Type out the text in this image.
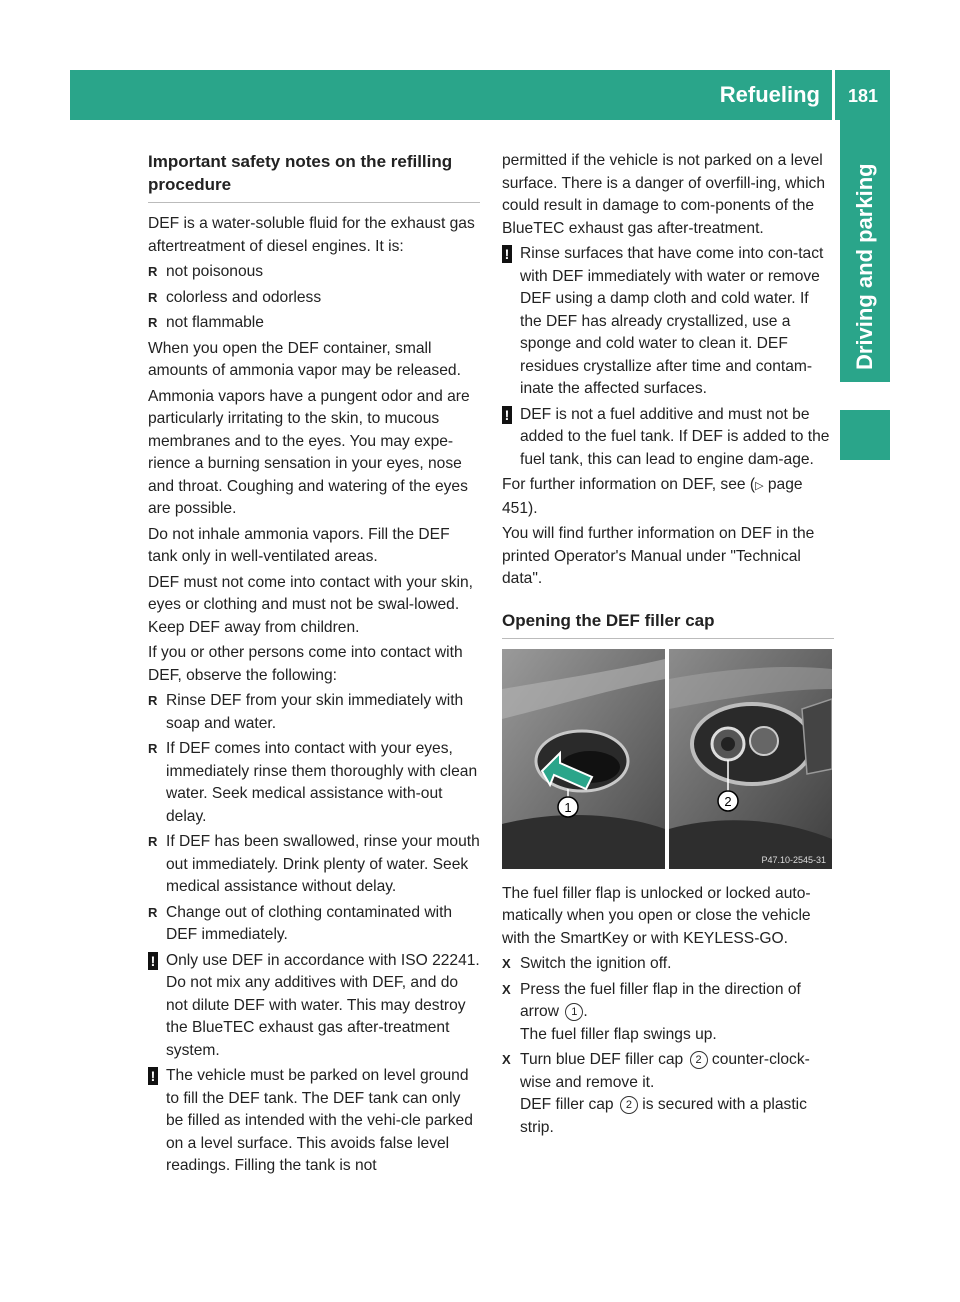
Refueling 181
Driving and parking
Important safety notes on the refilling procedure

DEF is a water-soluble fluid for the exhaust gas aftertreatment of diesel engines. It is:

R not poisonous
R colorless and odorless
R not flammable

When you open the DEF container, small amounts of ammonia vapor may be released.

Ammonia vapors have a pungent odor and are particularly irritating to the skin, to mucous membranes and to the eyes. You may expe-rience a burning sensation in your eyes, nose and throat. Coughing and watering of the eyes are possible.

Do not inhale ammonia vapors. Fill the DEF tank only in well-ventilated areas.

DEF must not come into contact with your skin, eyes or clothing and must not be swal-lowed. Keep DEF away from children.

If you or other persons come into contact with DEF, observe the following:

R Rinse DEF from your skin immediately with soap and water.
R If DEF comes into contact with your eyes, immediately rinse them thoroughly with clean water. Seek medical assistance with-out delay.
R If DEF has been swallowed, rinse your mouth out immediately. Drink plenty of water. Seek medical assistance without delay.
R Change out of clothing contaminated with DEF immediately.
! Only use DEF in accordance with ISO 22241. Do not mix any additives with DEF, and do not dilute DEF with water. This may destroy the BlueTEC exhaust gas after-treatment system.
! The vehicle must be parked on level ground to fill the DEF tank. The DEF tank can only be filled as intended with the vehi-cle parked on a level surface. This avoids false level readings. Filling the tank is not

permitted if the vehicle is not parked on a level surface. There is a danger of overfill-ing, which could result in damage to com-ponents of the BlueTEC exhaust gas after-treatment.

! Rinse surfaces that have come into con-tact with DEF immediately with water or remove DEF using a damp cloth and cold water. If the DEF has already crystallized, use a sponge and cold water to clean it. DEF residues crystallize after time and contam-inate the affected surfaces.
! DEF is not a fuel additive and must not be added to the fuel tank. If DEF is added to the fuel tank, this can lead to engine dam-age.

For further information on DEF, see (▷ page 451).

You will find further information on DEF in the printed Operator's Manual under "Technical data".

Opening the DEF filler cap
1	2
P47.10-2545-31

The fuel filler flap is unlocked or locked auto-matically when you open or close the vehicle with the SmartKey or with KEYLESS-GO.

X Switch the ignition off.
X Press the fuel filler flap in the direction of arrow 1 .
The fuel filler flap swings up.
X Turn blue DEF filler cap 2 counter-clock-wise and remove it.
DEF filler cap 2 is secured with a plastic strip.
